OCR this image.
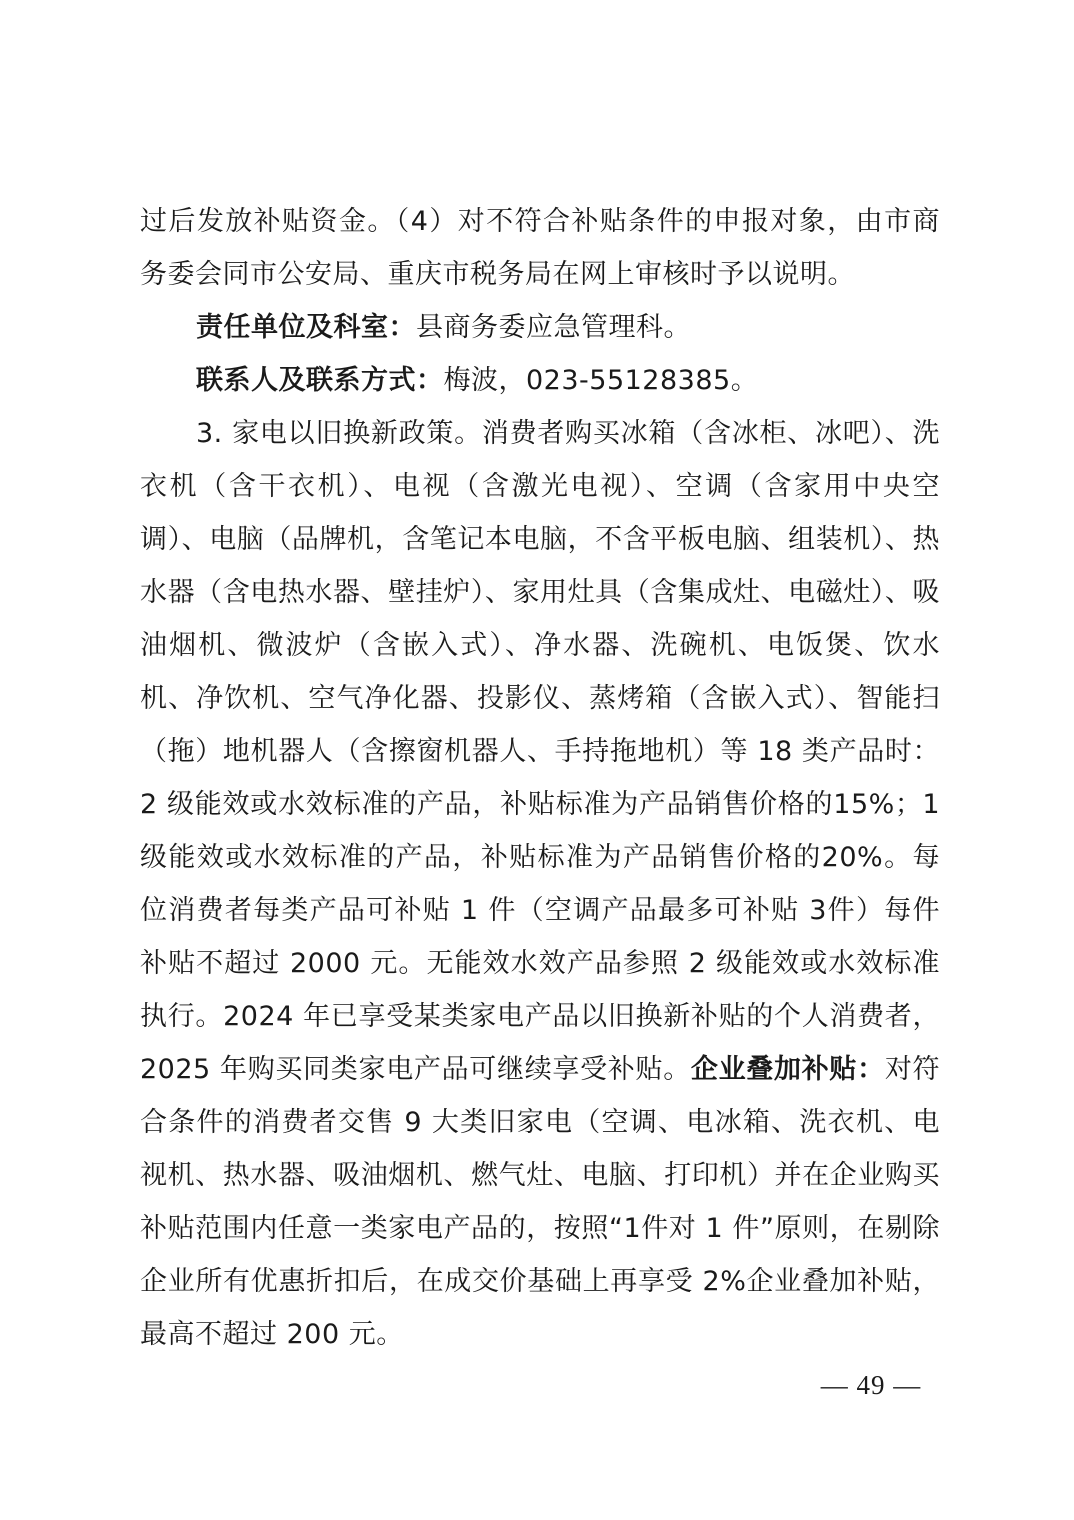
过后发放补贴资金。（4）对不符合补贴条件的申报对象，由市商务委会同市公安局、重庆市税务局在网上审核时予以说明。

责任单位及科室：县商务委应急管理科。

联系人及联系方式：梅波，023-55128385。

3. 家电以旧换新政策。消费者购买冰箱（含冰柜、冰吧）、洗衣机（含干衣机）、电视（含激光电视）、空调（含家用中央空调）、电脑（品牌机，含笔记本电脑，不含平板电脑、组装机）、热水器（含电热水器、壁挂炉）、家用灶具（含集成灶、电磁灶）、吸油烟机、微波炉（含嵌入式）、净水器、洗碗机、电饭煲、饮水机、净饮机、空气净化器、投影仪、蒸烤箱（含嵌入式）、智能扫（拖）地机器人（含擦窗机器人、手持拖地机）等 18 类产品时：2 级能效或水效标准的产品，补贴标准为产品销售价格的15%；1 级能效或水效标准的产品，补贴标准为产品销售价格的20%。每位消费者每类产品可补贴 1 件（空调产品最多可补贴 3件）每件补贴不超过 2000 元。无能效水效产品参照 2 级能效或水效标准执行。2024 年已享受某类家电产品以旧换新补贴的个人消费者，2025 年购买同类家电产品可继续享受补贴。企业叠加补贴：对符合条件的消费者交售 9 大类旧家电（空调、电冰箱、洗衣机、电视机、热水器、吸油烟机、燃气灶、电脑、打印机）并在企业购买补贴范围内任意一类家电产品的，按照“1件对 1 件”原则，在剔除企业所有优惠折扣后，在成交价基础上再享受 2%企业叠加补贴，最高不超过 200 元。

— 49 —
